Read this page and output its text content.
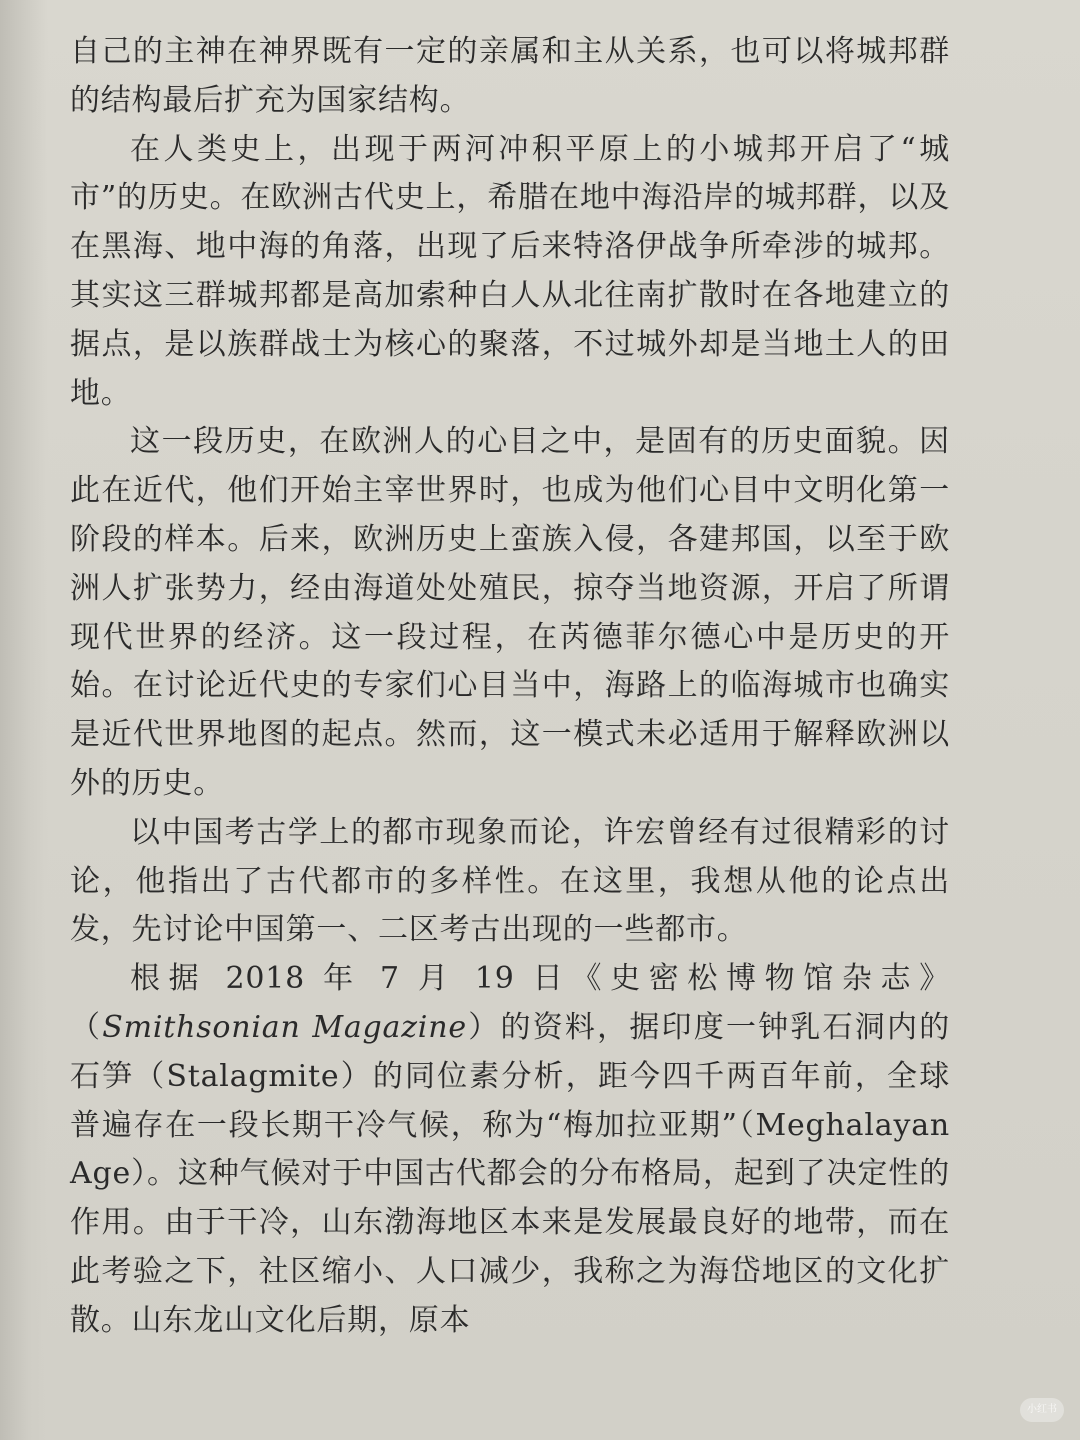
自己的主神在神界既有一定的亲属和主从关系，也可以将城邦群的结构最后扩充为国家结构。

在人类史上，出现于两河冲积平原上的小城邦开启了“城市”的历史。在欧洲古代史上，希腊在地中海沿岸的城邦群，以及在黑海、地中海的角落，出现了后来特洛伊战争所牵涉的城邦。其实这三群城邦都是高加索种白人从北往南扩散时在各地建立的据点，是以族群战士为核心的聚落，不过城外却是当地土人的田地。

这一段历史，在欧洲人的心目之中，是固有的历史面貌。因此在近代，他们开始主宰世界时，也成为他们心目中文明化第一阶段的样本。后来，欧洲历史上蛮族入侵，各建邦国，以至于欧洲人扩张势力，经由海道处处殖民，掠夺当地资源，开启了所谓现代世界的经济。这一段过程，在芮德菲尔德心中是历史的开始。在讨论近代史的专家们心目当中，海路上的临海城市也确实是近代世界地图的起点。然而，这一模式未必适用于解释欧洲以外的历史。

以中国考古学上的都市现象而论，许宏曾经有过很精彩的讨论，他指出了古代都市的多样性。在这里，我想从他的论点出发，先讨论中国第一、二区考古出现的一些都市。

根据 2018 年 7 月 19 日《史密松博物馆杂志》（Smithsonian Magazine）的资料，据印度一钟乳石洞内的石笋（Stalagmite）的同位素分析，距今四千两百年前，全球普遍存在一段长期干冷气候，称为“梅加拉亚期”（Meghalayan Age）。这种气候对于中国古代都会的分布格局，起到了决定性的作用。由于干冷，山东渤海地区本来是发展最良好的地带，而在此考验之下，社区缩小、人口减少，我称之为海岱地区的文化扩散。山东龙山文化后期，原本

小红书
